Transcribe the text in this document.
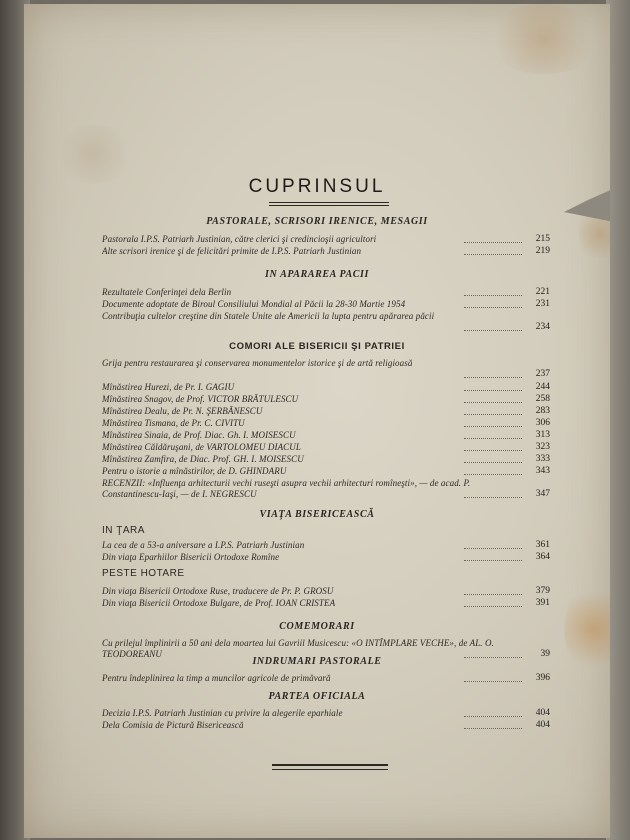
CUPRINSUL
PASTORALE, SCRISORI IRENICE, MESAGII
Pastorala I.P.S. Patriarh Justinian, către clerici şi credincioşii agricultori	215
Alte scrisori irenice şi de felicitări primite de I.P.S. Patriarh Justinian	219
IN APARAREA PACII
Rezultatele Conferinţei dela Berlin	221
Documente adoptate de Biroul Consiliului Mondial al Păcii la 28-30 Martie 1954	231
Contribuţia cultelor creştine din Statele Unite ale Americii la lupta pentru apărarea păcii
234
COMORI ALE BISERICII ŞI PATRIEI
Grija pentru restaurarea şi conservarea monumentelor istorice şi de artă religioasă
237
Mînăstirea Hurezi, de Pr. I. GAGIU	244
Mînăstirea Snagov, de Prof. VICTOR BRĂTULESCU	258
Mînăstirea Dealu, de Pr. N. ŞERBĂNESCU	283
Mînăstirea Tismana, de Pr. C. CIVITU	306
Mînăstirea Sinaia, de Prof. Diac. Gh. I. MOISESCU	313
Mînăstirea Căldăruşani, de VARTOLOMEU DIACUL	323
Mînăstirea Zamfira, de Diac. Prof. GH. I. MOISESCU	333
Pentru o istorie a mînăstirilor, de D. GHINDARU	343
RECENZII: «Influenţa arhitecturii vechi ruseşti asupra vechii arhitecturi romîneşti», — de acad. P. Constantinescu-Iaşi, — de I. NEGRESCU	347
VIAŢA BISERICEASCĂ
IN ŢARA
La cea de a 53-a aniversare a I.P.S. Patriarh Justinian	361
Din viaţa Eparhiilor Bisericii Ortodoxe Romîne	364
PESTE HOTARE
Din viaţa Bisericii Ortodoxe Ruse, traducere de Pr. P. GROSU	379
Din viaţa Bisericii Ortodoxe Bulgare, de Prof. IOAN CRISTEA	391
COMEMORARI
Cu prilejul împlinirii a 50 ani dela moartea lui Gavriil Musicescu: «O INTÎMPLARE VECHE», de AL. O. TEODOREANU	39
INDRUMARI PASTORALE
Pentru îndeplinirea la timp a muncilor agricole de primăvară	396
PARTEA OFICIALA
Decizia I.P.S. Patriarh Justinian cu privire la alegerile eparhiale	404
Dela Comisia de Pictură Bisericească	404
